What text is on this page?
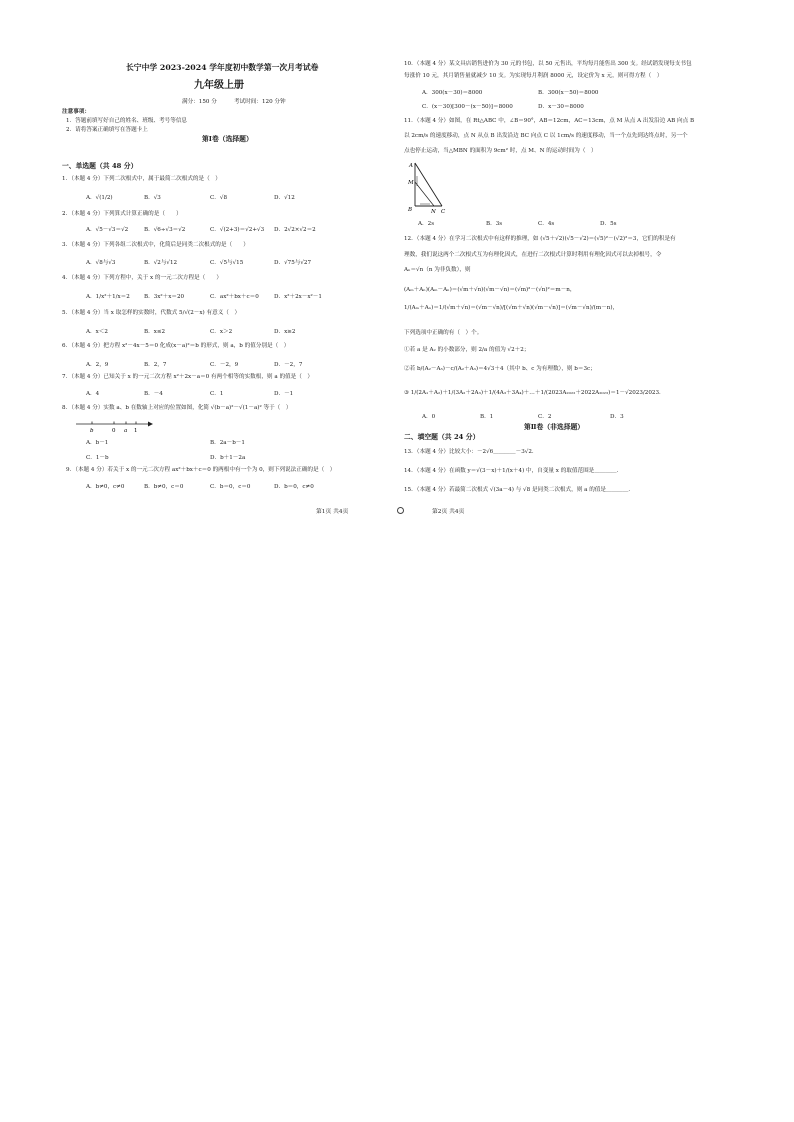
长宁中学 2023-2024 学年度初中数学第一次月考试卷
九年级上册
满分：150 分	考试时间：120 分钟
注意事项：
1．答题前填写好自己的姓名、班级、考号等信息
2．请将答案正确填写在答题卡上
第Ⅰ卷（选择题）
一、单选题（共 48 分）
1．（本题 4 分）下列二次根式中，属于最简二次根式的是（　）
A．√(1/2)	B．√3	C．√8	D．√12
2．（本题 4 分）下列算式计算正确的是（　　）
A．√5－√3＝√2	B．√6÷√3＝√2	C．√(2+3)＝√2+√3 D．2√2×√2＝2
3．（本题 4 分）下列各组二次根式中，化简后是同类二次根式的是（　　）
A．√8与√3	B．√2与√12	C．√5与√15	D．√75与√27
4．（本题 4 分）下列方程中，关于 x 的一元二次方程是（　　）
A．1/x²＋1/x＝2	B．3x²＋x＝20	C．ax²＋bx＋c＝0	D．x²＋2x－x²－1
5．（本题 4 分）当 x 取怎样的实数时，代数式 5/√(2－x) 有意义（　）
A．x＜2	B．x≤2	C．x＞2	D．x≥2
6．（本题 4 分）把方程 x²－4x－5＝0 化成(x－a)²＝b 的形式，则 a，b 的值分别是（　）
A．2，9	B．2，7	C．－2，9	D．－2，7
7．（本题 4 分）已知关于 x 的一元二次方程 x²＋2x－a＝0 有两个相等的实数根，则 a 的值是（　）
A．4	B．－4	C．1	D．－1
8．（本题 4 分）实数 a、b 在数轴上对应的位置如图，化简 √(b－a)²－√(1－a)² 等于（　）
b	0 a 1
A．b－1	B．2a－b－1
C．1－b	D．b＋1－2a
9．（本题 4 分）若关于 x 的一元二次方程 ax²＋bx＋c＝0 的两根中有一个为 0，则下列说法正确的是（　）
A．b≠0，c≠0	B．b≠0，c＝0	C．b＝0，c＝0	D．b＝0，c≠0
第1页 共4页
10．（本题 4 分）某文具店销售进价为 30 元的书包，以 50 元售出，平均每月能售出 300 支。经试销发现每支书包
每涨价 10 元，其月销售量就减少 10 支。为实现每月利润 8000 元，设定价为 x 元，则可得方程（　）
A．300(x－30)＝8000	B．300(x－50)＝8000
C．(x－30)[300－(x－50)]＝8000	D．x－30＝8000
11．（本题 4 分）如图，在 Rt△ABC 中，∠B＝90°，AB＝12cm，AC＝13cm，点 M 从点 A 出发沿边 AB 向点 B
以 2cm/s 的速度移动，点 N 从点 B 出发沿边 BC 向点 C 以 1cm/s 的速度移动，当一个点先到达终点时，另一个
点也停止运动，当△MBN 的面积为 9cm² 时，点 M、N 的运动时间为（　）
A
M
B	N C
A．2s	B．3s	C．4s	D．5s
12．（本题 4 分）在学习二次根式中有这样的推理，如 (√5＋√2)(√5－√2)＝(√5)²－(√2)²＝3，它们的积是有
理数，我们说这两个二次根式互为有理化因式，在进行二次根式计算时利用有理化因式可以去掉根号，令
Aₙ＝√n（n 为非负数），则
(Aₘ＋Aₙ)(Aₘ－Aₙ)＝(√m＋√n)(√m－√n)＝(√m)²－(√n)²＝m－n，
1/(Aₘ＋Aₙ)＝1/(√m＋√n)＝(√m－√n)/[(√m＋√n)(√m－√n)]＝(√m－√n)/(m－n)，
下列选项中正确的有（　）个。
①若 a 是 A₂ 的小数部分，则 2/a 的值为 √2＋2；
②若 b/(A₂－A₃)－c/(A₂＋A₃)＝4√3＋4（其中 b、c 为有理数），则 b＝3c；
③ 1/(2A₁＋A₂)＋1/(3A₂＋2A₃)＋1/(4A₃＋3A₄)＋…＋1/(2023A₂₀₂₂＋2022A₂₀₂₃)＝1－√2023/2023．
A．0	B．1	C．2	D．3
第Ⅱ卷（非选择题）
二、填空题（共 24 分）
13．（本题 4 分）比较大小：－2√6＿＿＿＿－3√2．
14．（本题 4 分）在函数 y＝√(3－x)＋1/(x＋4) 中，自变量 x 的取值范围是＿＿＿＿．
15．（本题 4 分）若最简二次根式 √(3a－4) 与 √8 是同类二次根式，则 a 的值是＿＿＿＿．
第2页 共4页
